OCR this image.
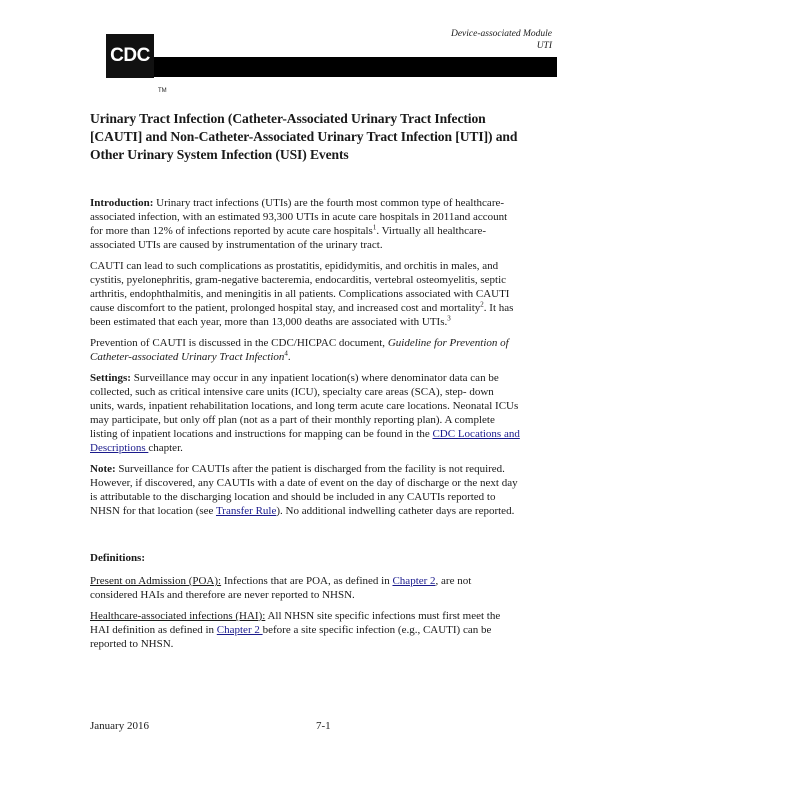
Device-associated Module
UTI
CDC
TM
Urinary Tract Infection (Catheter-Associated Urinary Tract Infection [CAUTI] and Non-Catheter-Associated Urinary Tract Infection [UTI]) and Other Urinary System Infection (USI) Events

Introduction: Urinary tract infections (UTIs) are the fourth most common type of healthcare-associated infection, with an estimated 93,300 UTIs in acute care hospitals in 2011and account for more than 12% of infections reported by acute care hospitals$^1$. Virtually all healthcare-associated UTIs are caused by instrumentation of the urinary tract.

CAUTI can lead to such complications as prostatitis, epididymitis, and orchitis in males, and cystitis, pyelonephritis, gram-negative bacteremia, endocarditis, vertebral osteomyelitis, septic arthritis, endophthalmitis, and meningitis in all patients. Complications associated with CAUTI cause discomfort to the patient, prolonged hospital stay, and increased cost and mortality$^2$. It has been estimated that each year, more than 13,000 deaths are associated with UTIs.$^3$

Prevention of CAUTI is discussed in the CDC/HICPAC document, Guideline for Prevention of Catheter-associated Urinary Tract Infection$^4$.

Settings: Surveillance may occur in any inpatient location(s) where denominator data can be collected, such as critical intensive care units (ICU), specialty care areas (SCA), step- down units, wards, inpatient rehabilitation locations, and long term acute care locations. Neonatal ICUs may participate, but only off plan (not as a part of their monthly reporting plan). A complete listing of inpatient locations and instructions for mapping can be found in the CDC Locations and Descriptions chapter.

Note: Surveillance for CAUTIs after the patient is discharged from the facility is not required. However, if discovered, any CAUTIs with a date of event on the day of discharge or the next day is attributable to the discharging location and should be included in any CAUTIs reported to NHSN for that location (see Transfer Rule). No additional indwelling catheter days are reported.

Definitions:

Present on Admission (POA): Infections that are POA, as defined in Chapter 2, are not considered HAIs and therefore are never reported to NHSN.

Healthcare-associated infections (HAI): All NHSN site specific infections must first meet the HAI definition as defined in Chapter 2 before a site specific infection (e.g., CAUTI) can be reported to NHSN.

January 2016	7-1
